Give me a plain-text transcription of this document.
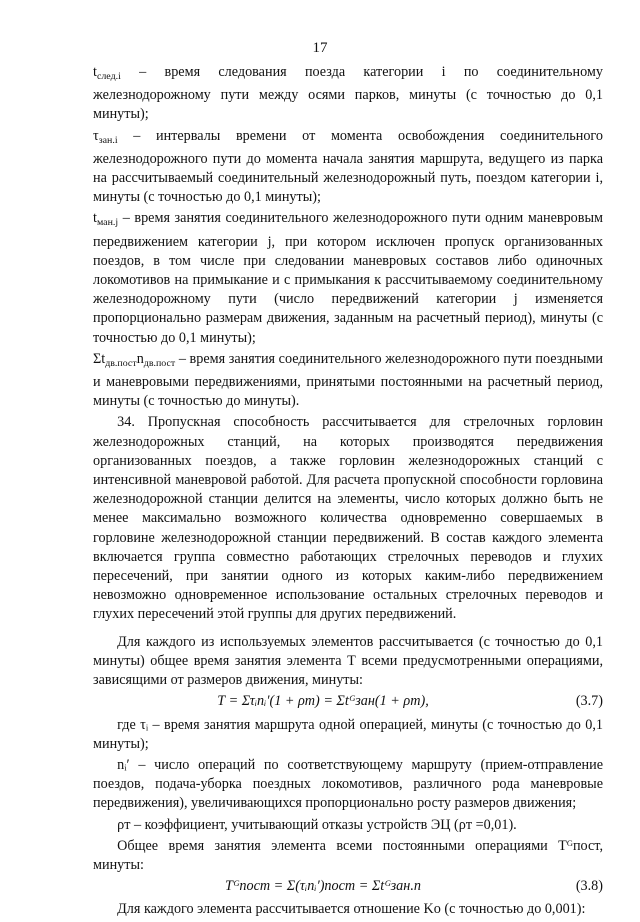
17
$t_{след.i}$ – время следования поезда категории i по соединительному железнодорожному пути между осями парков, минуты (с точностью до 0,1 минуты);
$\tau_{зан.i}$ – интервалы времени от момента освобождения соединительного железнодорожного пути до момента начала занятия маршрута, ведущего из парка на рассчитываемый соединительный железнодорожный путь, поездом категории i, минуты (с точностью до 0,1 минуты);
$t_{ман.j}$ – время занятия соединительного железнодорожного пути одним маневровым передвижением категории j, при котором исключен пропуск организованных поездов, в том числе при следовании маневровых составов либо одиночных локомотивов на примыкание и с примыкания к рассчитываемому соединительному железнодорожному пути (число передвижений категории j изменяется пропорционально размерам движения, заданным на расчетный период), минуты (с точностью до 0,1 минуты);
$\Sigma t_{дв.пост}n_{дв.пост}$ – время занятия соединительного железнодорожного пути поездными и маневровыми передвижениями, принятыми постоянными на расчетный период, минуты (с точностью до минуты).
34. Пропускная способность рассчитывается для стрелочных горловин железнодорожных станций, на которых производятся передвижения организованных поездов, а также горловин железнодорожных станций с интенсивной маневровой работой. Для расчета пропускной способности горловина железнодорожной станции делится на элементы, число которых должно быть не менее максимально возможного количества одновременно совершаемых в горловине железнодорожной станции передвижений. В состав каждого элемента включается группа совместно работающих стрелочных переводов и глухих пересечений, при занятии одного из которых каким-либо передвижением невозможно одновременное использование остальных стрелочных переводов и глухих пересечений этой группы для других передвижений.
Для каждого из используемых элементов рассчитывается (с точностью до 0,1 минуты) общее время занятия элемента Т всеми предусмотренными операциями, зависящими от размеров движения, минуты:
Т = Στᵢnᵢ′(1 + ρт) = Σtᴳзан(1 + ρт),	(3.7)
где τᵢ – время занятия маршрута одной операцией, минуты (с точностью до 0,1 минуты);
nᵢ′ – число операций по соответствующему маршруту (прием-отправление поездов, подача-уборка поездных локомотивов, различного рода маневровые передвижения), увеличивающихся пропорционально росту размеров движения;
ρт – коэффициент, учитывающий отказы устройств ЭЦ (ρт =0,01).
Общее время занятия элемента всеми постоянными операциями Тᴳпост, минуты:
Тᴳпост = Σ(τᵢnᵢ′)пост = Σtᴳзан.п	(3.8)
Для каждого элемента рассчитывается отношение Kо (с точностью до 0,001):
